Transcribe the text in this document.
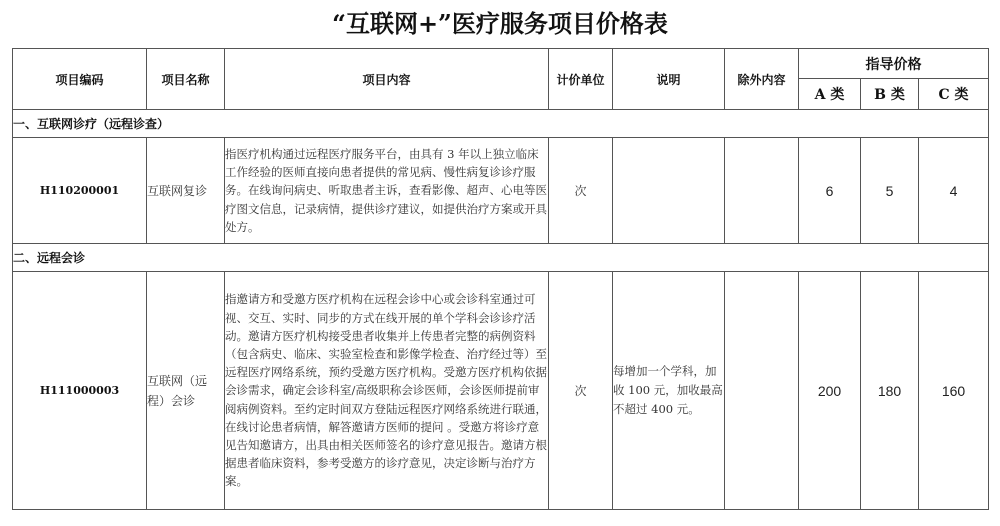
“互联网+”医疗服务项目价格表
项目编码	项目名称	项目内容	计价单位	说明	除外内容	指导价格		
						A 类	B 类	C 类
一、互联网诊疗（远程诊查）								
H110200001	互联网复诊	指医疗机构通过远程医疗服务平台，由具有 3 年以上独立临床工作经验的医师直接向患者提供的常见病、慢性病复诊诊疗服务。在线询问病史、听取患者主诉，查看影像、超声、心电等医疗图文信息，记录病情，提供诊疗建议，如提供治疗方案或开具处方。	次			6	5	4
二、远程会诊								
H111000003	互联网（远程）会诊	指邀请方和受邀方医疗机构在远程会诊中心或会诊科室通过可视、交互、实时、同步的方式在线开展的单个学科会诊诊疗活动。邀请方医疗机构接受患者收集并上传患者完整的病例资料（包含病史、临床、实验室检查和影像学检查、治疗经过等）至远程医疗网络系统，预约受邀方医疗机构。受邀方医疗机构依据会诊需求，确定会诊科室/高级职称会诊医师，会诊医师提前审阅病例资料。至约定时间双方登陆远程医疗网络系统进行联通，在线讨论患者病情，解答邀请方医师的提问 。受邀方将诊疗意见告知邀请方，出具由相关医师签名的诊疗意见报告。邀请方根据患者临床资料，参考受邀方的诊疗意见，决定诊断与治疗方案。	次	每增加一个学科，加收 100 元，加收最高不超过 400 元。		200	180	160
